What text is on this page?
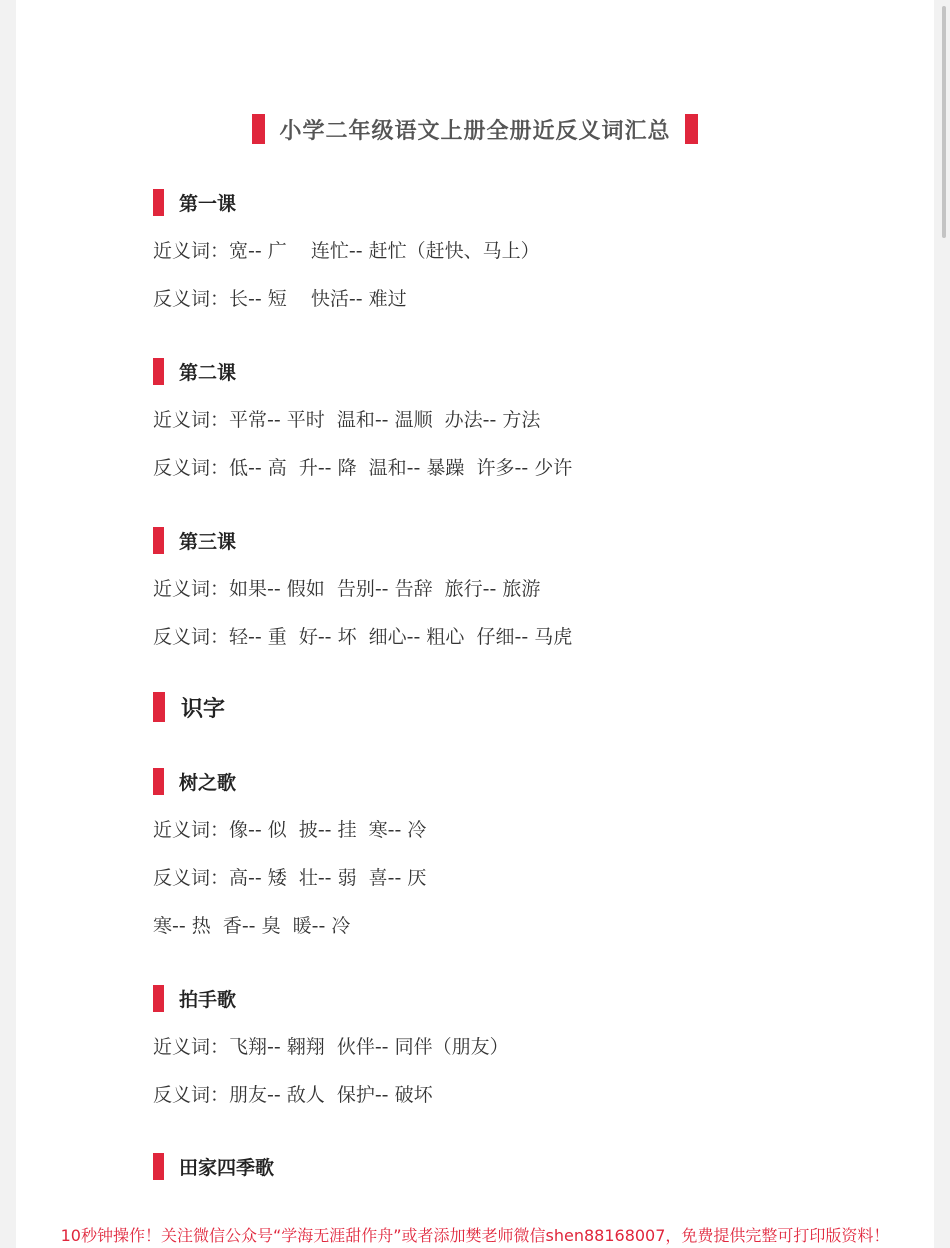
小学二年级语文上册全册近反义词汇总
第一课
近义词：宽-- 广    连忙-- 赶忙（赶快、马上）
反义词：长-- 短    快活-- 难过
第二课
近义词：平常-- 平时  温和-- 温顺  办法-- 方法
反义词：低-- 高  升-- 降  温和-- 暴躁  许多-- 少许
第三课
近义词：如果-- 假如  告别-- 告辞  旅行-- 旅游
反义词：轻-- 重  好-- 坏  细心-- 粗心  仔细-- 马虎
识字
树之歌
近义词：像-- 似  披-- 挂  寒-- 冷
反义词：高-- 矮  壮-- 弱  喜-- 厌
寒-- 热  香-- 臭  暖-- 冷
拍手歌
近义词：飞翔-- 翱翔  伙伴-- 同伴（朋友）
反义词：朋友-- 敌人  保护-- 破坏
田家四季歌
10秒钟操作！关注微信公众号“学海无涯甜作舟”或者添加樊老师微信shen88168007，免费提供完整可打印版资料！
